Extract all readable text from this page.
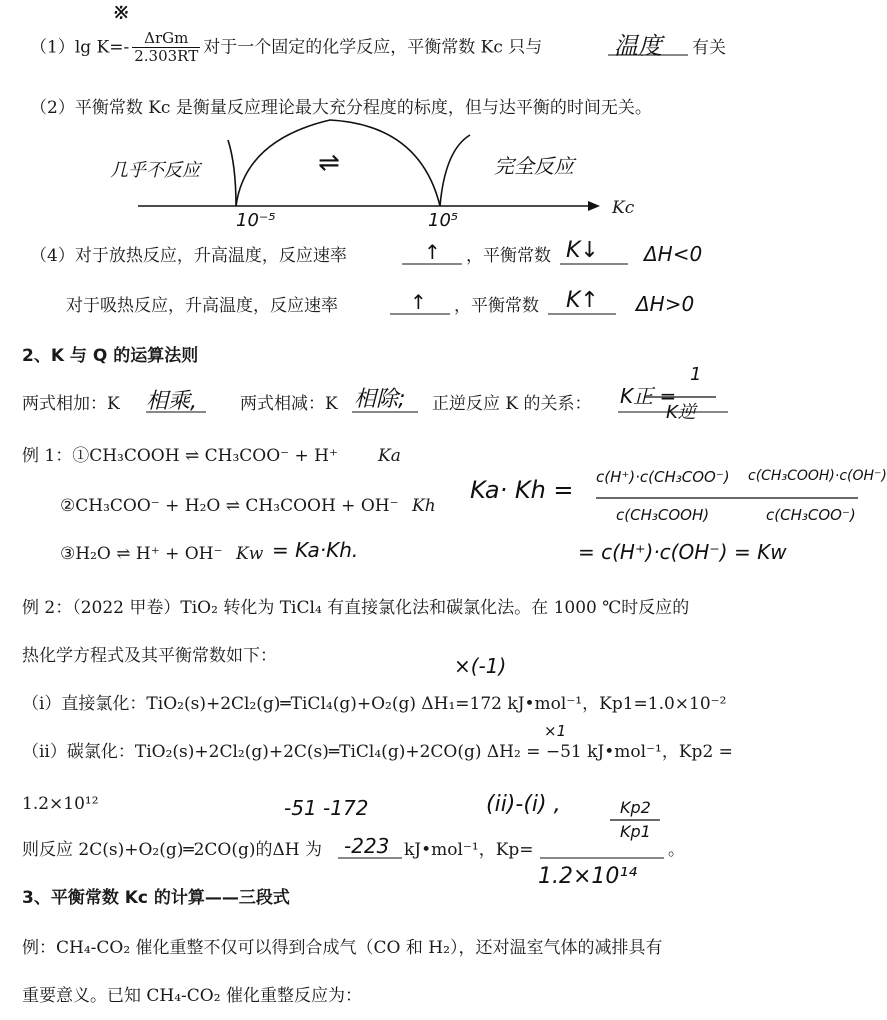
※
（1）lg $K=- \frac{\text{ΔrGm}}{2.303RT}$ 对于一个固定的化学反应，平衡常数 Kc 只与	温度 有关
（2）平衡常数 Kc 是衡量反应理论最大充分程度的标度，但与达平衡的时间无关。
几乎不反应	⇌	完全反应
10⁻⁵	10⁵
Kc
（4）对于放热反应，升高温度，反应速率	↑ ，平衡常数 K↓ ΔH<0
对于吸热反应，升高温度，反应速率	↑ ，平衡常数 K↑ ΔH>0
2、K 与 Q 的运算法则
两式相加：K 相乘,	两式相减：K 相除; 正逆反应 K 的关系： K正 =
1
K逆
例 1：①CH₃COOH ⇌ CH₃COO⁻ + H⁺ Ka
②CH₃COO⁻ + H₂O ⇌ CH₃COOH + OH⁻ Kh
③H₂O ⇌ H⁺ + OH⁻ Kw = Ka·Kh.
Ka· Kh = c(H⁺)·c(CH₃COO⁻)
c(CH₃COOH)
c(CH₃COOH)·c(OH⁻)
c(CH₃COO⁻)
= c(H⁺)·c(OH⁻) = Kw
例 2：（2022 甲卷）TiO₂ 转化为 TiCl₄ 有直接氯化法和碳氯化法。在 1000 ℃时反应的
热化学方程式及其平衡常数如下：	×(-1)
（i）直接氯化：TiO₂(s)+2Cl₂(g)═TiCl₄(g)+O₂(g) ΔH₁=172 kJ•mol⁻¹，Kp1=1.0×10⁻²
×1
（ii）碳氯化：TiO₂(s)+2Cl₂(g)+2C(s)═TiCl₄(g)+2CO(g) ΔH₂ = −51 kJ•mol⁻¹，Kp2 =
1.2×10¹²	-51 -172	(ii)-(i) ,	Kp2
Kp1
则反应 2C(s)+O₂(g)═2CO(g)的ΔH 为 -223 kJ•mol⁻¹，Kp=	。
1.2×10¹⁴
3、平衡常数 Kc 的计算——三段式
例：CH₄-CO₂ 催化重整不仅可以得到合成气（CO 和 H₂），还对温室气体的减排具有
重要意义。已知 CH₄-CO₂ 催化重整反应为：
